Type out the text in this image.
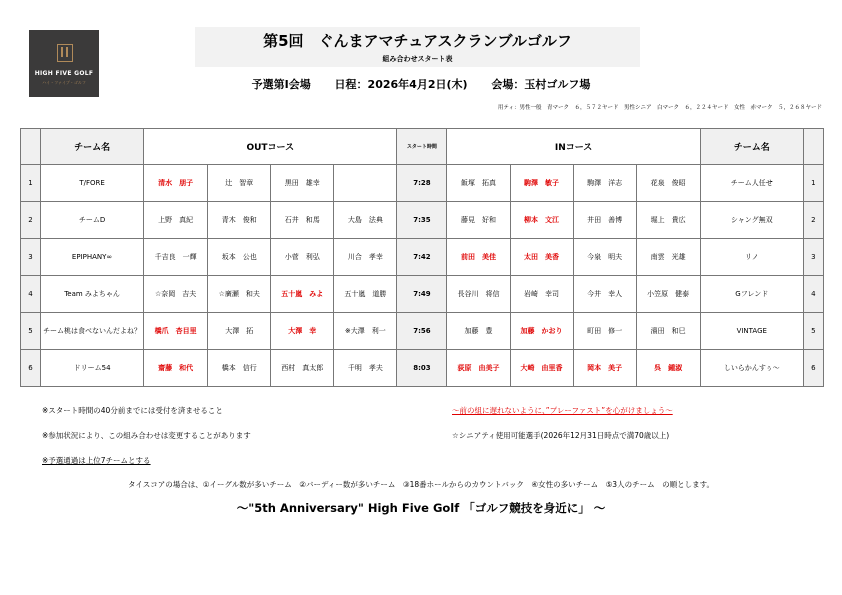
HIGH FIVE GOLF
ハイ・ファイブ・ゴルフ
第5回　ぐんまアマチュアスクランブルゴルフ
組み合わせスタート表
予選第Ⅰ会場 日程：2026年4月2日(木) 会場：玉村ゴルフ場
用ティ：男性一般　青マーク　６，５７２ヤード　男性シニア　白マーク　６，２２４ヤード　女性　赤マーク　５，２６８ヤード
	チーム名	OUTコース				スタート時間	INコース				チーム名	
1	T/FORE	清水　朋子	辻　智章	黒田　雄幸		7:28	飯塚　拓真	駒澤　敏子	駒澤　洋志	花泉　俊昭	チーム人任せ	1
2	チームD	上野　真紀	青木　俊和	石井　和馬	大島　法典	7:35	藤見　好和	柳本　文江	井田　善博	堀上　貴広	シャング無双	2
3	EPIPHANY∞	千吉良　一輝	坂本　公也	小菅　利弘	川合　孝幸	7:42	前田　美佳	太田　美香	今泉　明夫	南雲　光雄	リノ	3
4	Team みよちゃん	☆奈岡　吉夫	☆廣瀬　和夫	五十嵐　みよ	五十嵐　道勝	7:49	長谷川　将信	岩崎　幸司	今井　幸人	小笠原　健泰	Gフレンド	4
5	チーム桃は食べないんだよね？	橋爪　杏目里	大澤　拓	大澤　幸	※大澤　利一	7:56	加藤　豊	加藤　かおり	町田　修一	濱田　和巳	VINTAGE	5
6	ドリーム54	齋藤　和代	橋本　信行	西村　真太郎	千明　孝夫	8:03	荻原　由美子	大崎　由里香	岡本　美子	呉　鍾淑	しいらかんすぅ〜	6
※スタート時間の40分前までには受付を済ませること	～前の組に遅れないように、”プレーファスト”を心がけましょう～
※参加状況により、この組み合わせは変更することがあります	☆シニアティ使用可能選手(2026年12月31日時点で満70歳以上)
※予選通過は上位7チームとする
タイスコアの場合は、①イーグル数が多いチーム　②バーディー数が多いチーム　③18番ホールからのカウントバック　④女性の多いチーム　⑤3人のチーム　の順とします。
～"5th Anniversary" High Five Golf 「ゴルフ競技を身近に」 ～
